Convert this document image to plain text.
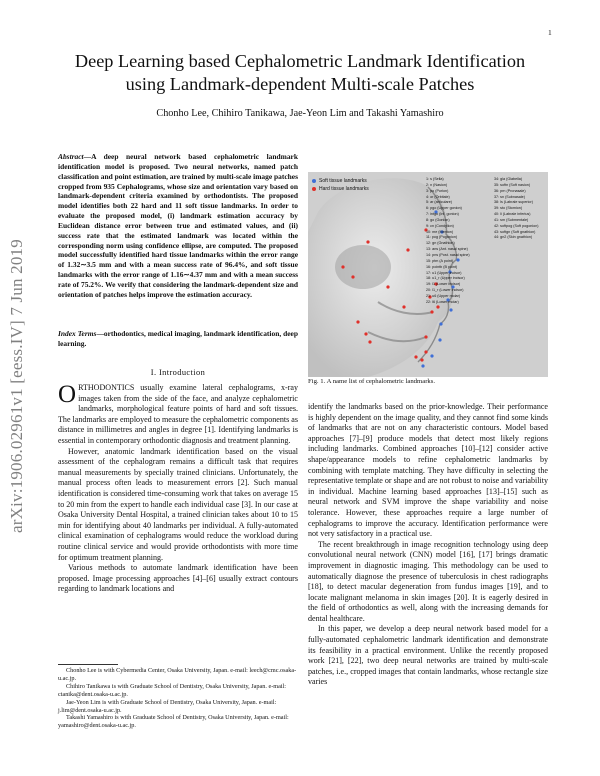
1
arXiv:1906.02961v1 [eess.IV] 7 Jun 2019
Deep Learning based Cephalometric Landmark Identification
using Landmark-dependent Multi-scale Patches
Chonho Lee, Chihiro Tanikawa, Jae-Yeon Lim and Takashi Yamashiro
Abstract—A deep neural network based cephalometric landmark identification model is proposed. Two neural networks, named patch classification and point estimation, are trained by multi-scale image patches cropped from 935 Cephalograms, whose size and orientation vary based on landmark-dependent criteria examined by orthodontists. The proposed model identifies both 22 hard and 11 soft tissue landmarks. In order to evaluate the proposed model, (i) landmark estimation accuracy by Euclidean distance error between true and estimated values, and (ii) success rate that the estimated landmark was located within the corresponding norm using confidence ellipse, are computed. The proposed model successfully identified hard tissue landmarks within the error range of 1.32∼3.5 mm and with a mean success rate of 96.4%, and soft tissue landmarks with the error range of 1.16∼4.37 mm and with a mean success rate of 75.2%. We verify that considering the landmark-dependent size and orientation of patches helps improve the estimation accuracy.
Index Terms—orthodontics, medical imaging, landmark identification, deep learning.
Soft tissue landmarks
Hard tissue landmarks
1: s (Sella)
2: n (Nasion)
3: po (Porion)
4: or (Orbitale)
5: ar (articulare)
6: pgo (Upper gonion)
7: intgo (Inf. gonion)
8: go (Gonion)
9: cn (Condylion)
10: me (Menton)
11: pog (Pogonion)
12: gn (Gnathion)
13: ans (Ant. nasal spine)
14: pns (Post. nasal spine)
15: ptm (A point)
16: pointb (B point)
17: u1 (Upper incisor)
18: u1_r (Upper incisor)
19: l1 (Lower incisor)
20: l1_r (Lower incisor)
21: u6 (Upper molar)
22: l6 (Lower molar)
34: gla (Glabella)
35: softn (Soft nasion)
36: prn (Pronasale)
37: sn (Subnasale)
38: ls (Labrale superior)
39: sto (Stomion)
40: li (Labrale inferius)
41: sm (Submentale)
42: softpog (Soft pogonion)
43: softgn (Soft gnathion)
44: gn2 (Skin gnathion)
Fig. 1. A name list of cephalometric landmarks.
I. Introduction

ORTHODONTICS usually examine lateral cephalograms, x-ray images taken from the side of the face, and analyze cephalometric landmarks, morphological feature points of hard and soft tissues. The landmarks are employed to measure the cephalometric components as distance in millimetres and angles in degree [1]. Identifying landmarks is essential in contemporary orthodontic diagnosis and treatment planning.

However, anatomic landmark identification based on the visual assessment of the cephalogram remains a difficult task that requires manual measurements by specially trained clinicians. Unfortunately, the manual process often leads to measurement errors [2]. Such manual identification is considered time-consuming work that takes on average 15 to 20 min from the expert to handle each individual case [3]. In our case at Osaka University Dental Hospital, a trained clinician takes about 10 to 15 min for identifying about 40 landmarks per individual. A fully-automated clinical examination of cephalograms would reduce the workload during routine clinical service and would provide orthodontists with more time for optimum treatment planning.

Various methods to automate landmark identification have been proposed. Image processing approaches [4]–[6] usually extract contours regarding to landmark locations and

identify the landmarks based on the prior-knowledge. Their performance is highly dependent on the image quality, and they cannot find some kinds of landmarks that are not on any characteristic contours. Model based approaches [7]–[9] produce models that detect most likely regions including landmarks. Combined approaches [10]–[12] consider active shape/appearance models to refine cephalometric landmarks by combining with template matching. They have difficulty in selecting the representative template or shape and are not robust to noise and variability in individual. Machine learning based approaches [13]–[15] such as neural network and SVM improve the shape variability and noise tolerance. However, these approaches require a large number of cephalograms to improve the accuracy. Identification performance were not very satisfactory in a practical use.

The recent breakthrough in image recognition technology using deep convolutional neural network (CNN) model [16], [17] brings dramatic improvement in diagnostic imaging. This methodology can be used to automatically diagnose the presence of tuberculosis in chest radiographs [18], to detect macular degeneration from fundus images [19], and to locate malignant melanoma in skin images [20]. It is eagerly desired in the field of orthodontics as well, along with the increasing demands for dental healthcare.

In this paper, we develop a deep neural network based model for a fully-automated cephalometric landmark identification and demonstrate its feasibility in a practical environment. Unlike the recently proposed work [21], [22], two deep neural networks are trained by multi-scale patches, i.e., cropped images that contain landmarks, whose rectangle size varies

Chonho Lee is with Cybermedia Center, Osaka University, Japan. e-mail: leech@cmc.osaka-u.ac.jp.
Chihiro Tanikawa is with Graduate School of Dentistry, Osaka University, Japan. e-mail: ctanika@dent.osaka-u.ac.jp.
Jae-Yeon Lim is with Graduate School of Dentistry, Osaka University, Japan. e-mail: j.lim@dent.osaka-u.ac.jp.
Takashi Yamashiro is with Graduate School of Dentistry, Osaka University, Japan. e-mail: yamashiro@dent.osaka-u.ac.jp.
